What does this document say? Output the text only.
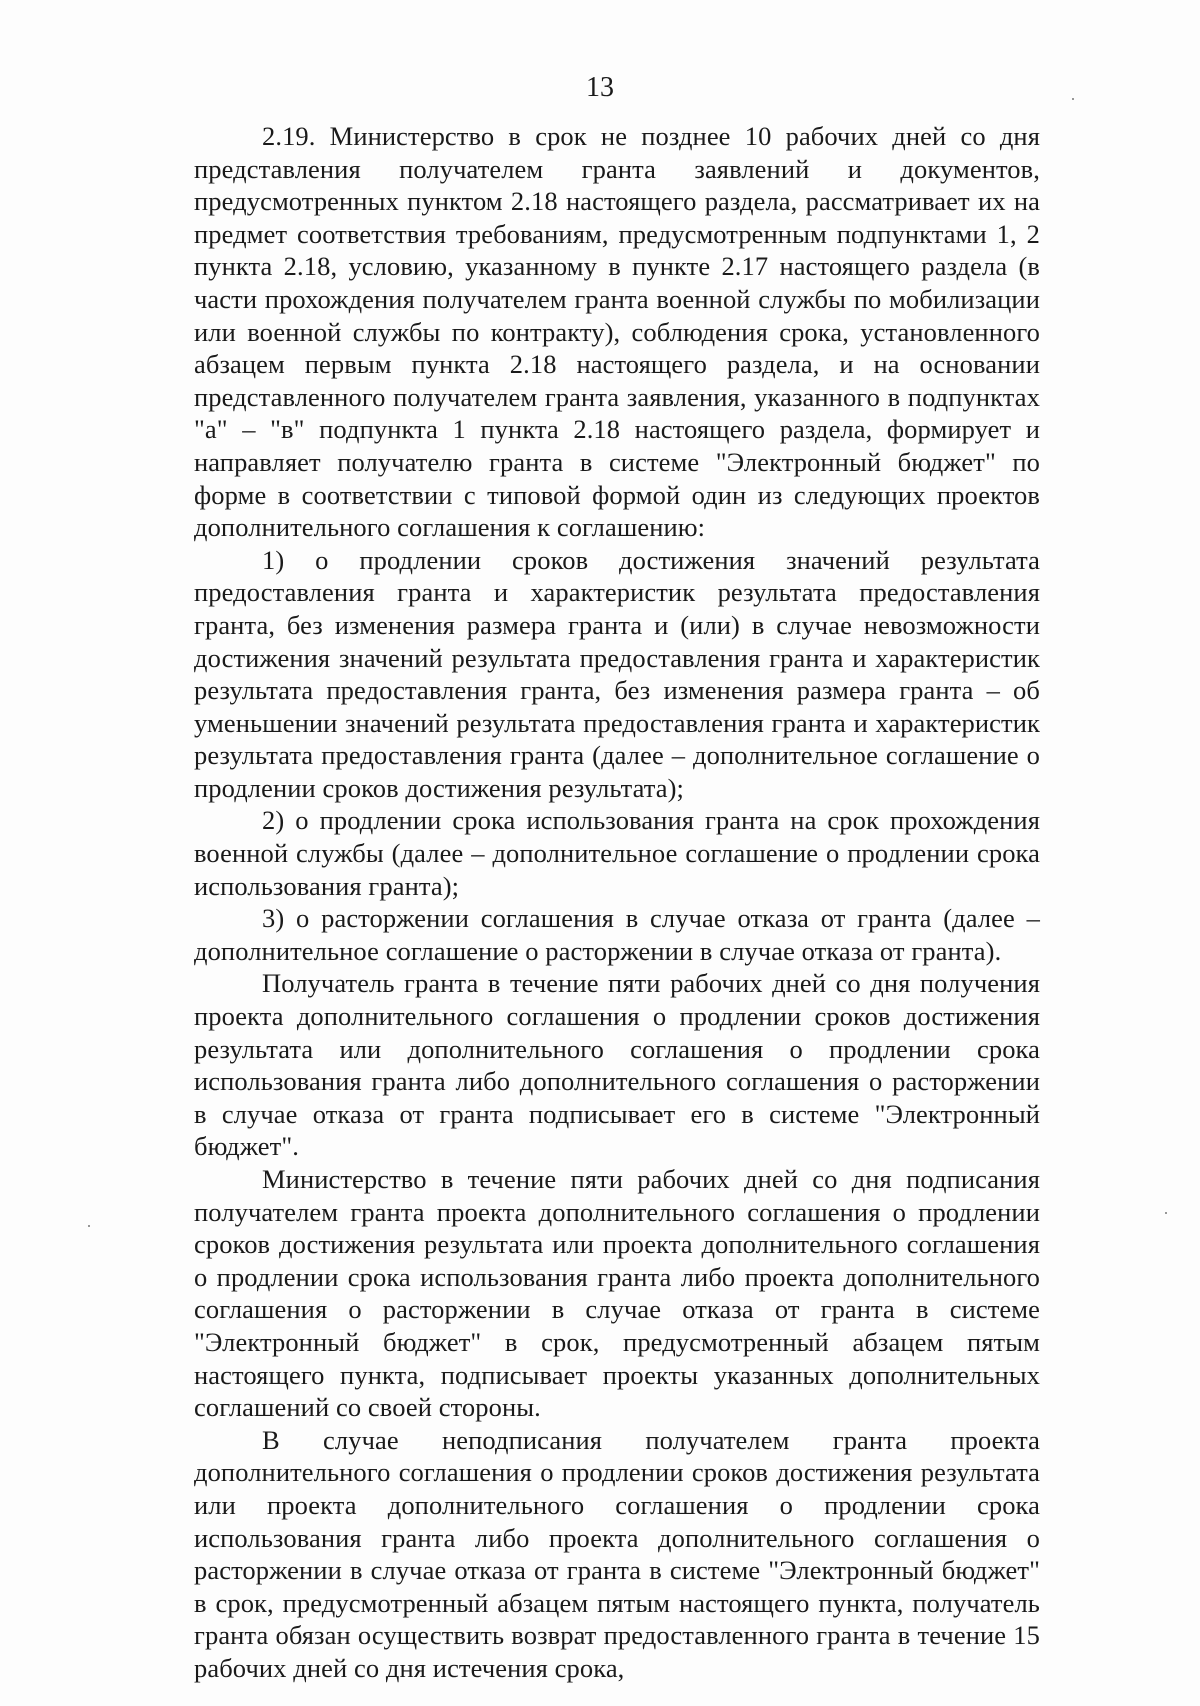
13

2.19. Министерство в срок не позднее 10 рабочих дней со дня представления получателем гранта заявлений и документов, предусмотренных пунктом 2.18 настоящего раздела, рассматривает их на предмет соответствия требованиям, предусмотренным подпунктами 1, 2 пункта 2.18, условию, указанному в пункте 2.17 настоящего раздела (в части прохождения получателем гранта военной службы по мобилизации или военной службы по контракту), соблюдения срока, установленного абзацем первым пункта 2.18 настоящего раздела, и на основании представленного получателем гранта заявления, указанного в подпунктах "а" – "в" подпункта 1 пункта 2.18 настоящего раздела, формирует и направляет получателю гранта в системе "Электронный бюджет" по форме в соответствии с типовой формой один из следующих проектов дополнительного соглашения к соглашению:

1) о продлении сроков достижения значений результата предоставления гранта и характеристик результата предоставления гранта, без изменения размера гранта и (или) в случае невозможности достижения значений результата предоставления гранта и характеристик результата предоставления гранта, без изменения размера гранта – об уменьшении значений результата предоставления гранта и характеристик результата предоставления гранта (далее – дополнительное соглашение о продлении сроков достижения результата);

2) о продлении срока использования гранта на срок прохождения военной службы (далее – дополнительное соглашение о продлении срока использования гранта);

3) о расторжении соглашения в случае отказа от гранта (далее – дополнительное соглашение о расторжении в случае отказа от гранта).

Получатель гранта в течение пяти рабочих дней со дня получения проекта дополнительного соглашения о продлении сроков достижения результата или дополнительного соглашения о продлении срока использования гранта либо дополнительного соглашения о расторжении в случае отказа от гранта подписывает его в системе "Электронный бюджет".

Министерство в течение пяти рабочих дней со дня подписания получателем гранта проекта дополнительного соглашения о продлении сроков достижения результата или проекта дополнительного соглашения о продлении срока использования гранта либо проекта дополнительного соглашения о расторжении в случае отказа от гранта в системе "Электронный бюджет" в срок, предусмотренный абзацем пятым настоящего пункта, подписывает проекты указанных дополнительных соглашений со своей стороны.

В случае неподписания получателем гранта проекта дополнительного соглашения о продлении сроков достижения результата или проекта дополнительного соглашения о продлении срока использования гранта либо проекта дополнительного соглашения о расторжении в случае отказа от гранта в системе "Электронный бюджет" в срок, предусмотренный абзацем пятым настоящего пункта, получатель гранта обязан осуществить возврат предоставленного гранта в течение 15 рабочих дней со дня истечения срока,
